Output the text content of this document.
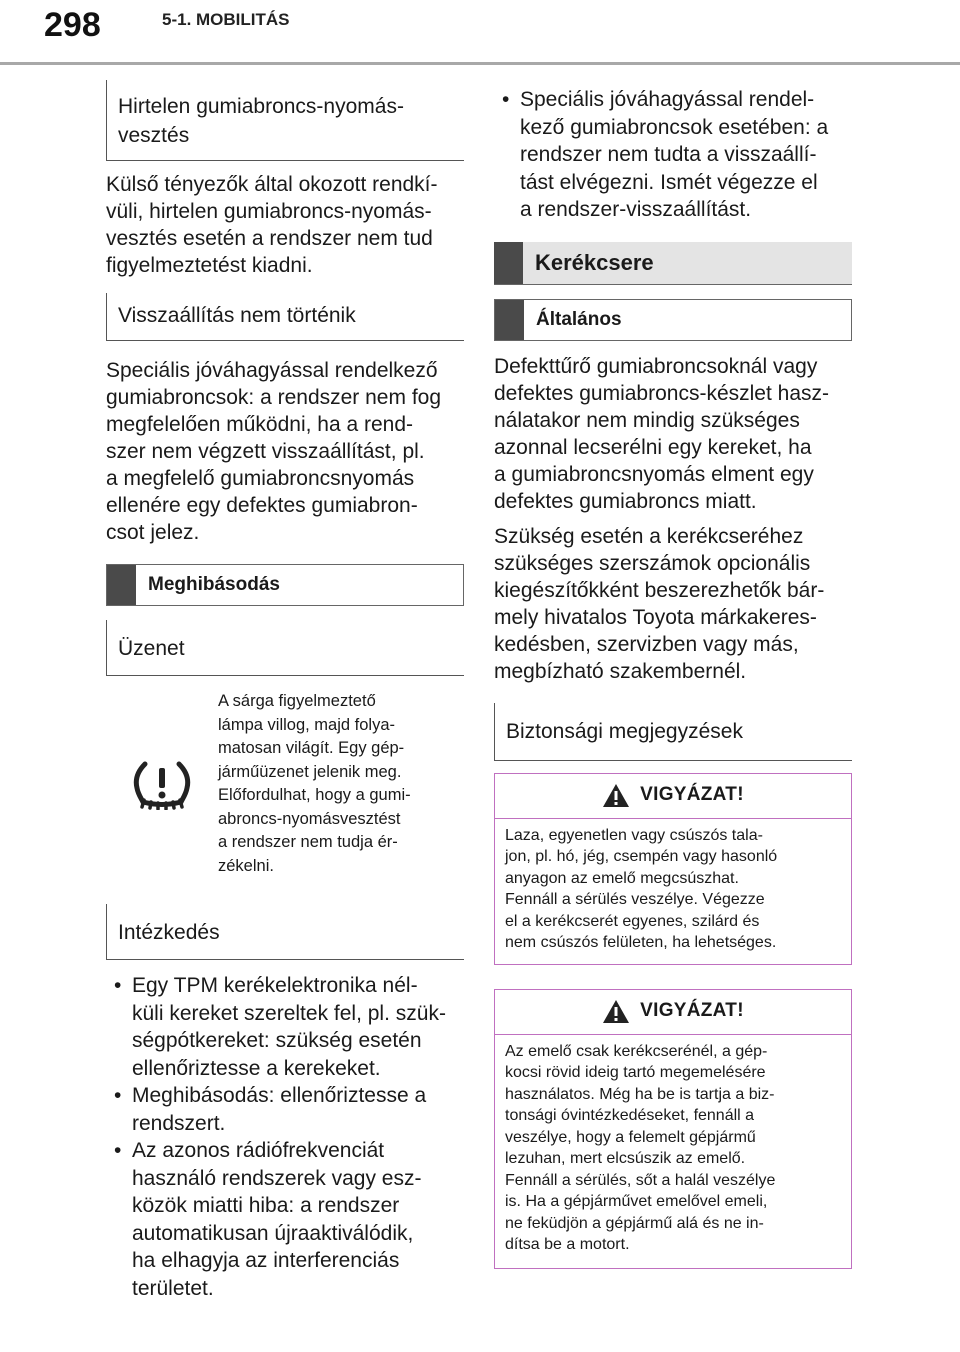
298	5-1. MOBILITÁS
Hirtelen gumiabroncs-nyomás-
vesztés

Külső tényezők által okozott rendkí-
vüli, hirtelen gumiabroncs-nyomás-
vesztés esetén a rendszer nem tud
figyelmeztetést kiadni.

Visszaállítás nem történik

Speciális jóváhagyással rendelkező
gumiabroncsok: a rendszer nem fog
megfelelően működni, ha a rend-
szer nem végzett visszaállítást, pl.
a megfelelő gumiabroncsnyomás
ellenére egy defektes gumiabron-
csot jelez.

Meghibásodás
Üzenet
A sárga figyelmeztető
lámpa villog, majd folya-
matosan világít. Egy gép-
járműüzenet jelenik meg.
Előfordulhat, hogy a gumi-
abroncs-nyomásvesztést
a rendszer nem tudja ér-
zékelni.
Intézkedés
• Egy TPM kerékelektronika nél-
küli kereket szereltek fel, pl. szük-
ségpótkereket: szükség esetén
ellenőriztesse a kerekeket.
• Meghibásodás: ellenőriztesse a
rendszert.
• Az azonos rádiófrekvenciát
használó rendszerek vagy esz-
közök miatti hiba: a rendszer
automatikusan újraaktiválódik,
ha elhagyja az interferenciás
területet.
• Speciális jóváhagyással rendel-
kező gumiabroncsok esetében: a
rendszer nem tudta a visszaállí-
tást elvégezni. Ismét végezze el
a rendszer-visszaállítást.
Kerékcsere
Általános

Defekttűrő gumiabroncsoknál vagy
defektes gumiabroncs-készlet hasz-
nálatakor nem mindig szükséges
azonnal lecserélni egy kereket, ha
a gumiabroncsnyomás elment egy
defektes gumiabroncs miatt.

Szükség esetén a kerékcseréhez
szükséges szerszámok opcionális
kiegészítőkként beszerezhetők bár-
mely hivatalos Toyota márkakeres-
kedésben, szervizben vagy más,
megbízható szakembernél.

Biztonsági megjegyzések
VIGYÁZAT!
Laza, egyenetlen vagy csúszós tala-
jon, pl. hó, jég, csempén vagy hasonló
anyagon az emelő megcsúszhat.
Fennáll a sérülés veszélye. Végezze
el a kerékcserét egyenes, szilárd és
nem csúszós felületen, ha lehetséges.
VIGYÁZAT!
Az emelő csak kerékcserénél, a gép-
kocsi rövid ideig tartó megemelésére
használatos. Még ha be is tartja a biz-
tonsági óvintézkedéseket, fennáll a
veszélye, hogy a felemelt gépjármű
lezuhan, mert elcsúszik az emelő.
Fennáll a sérülés, sőt a halál veszélye
is. Ha a gépjárművet emelővel emeli,
ne feküdjön a gépjármű alá és ne in-
dítsa be a motort.
